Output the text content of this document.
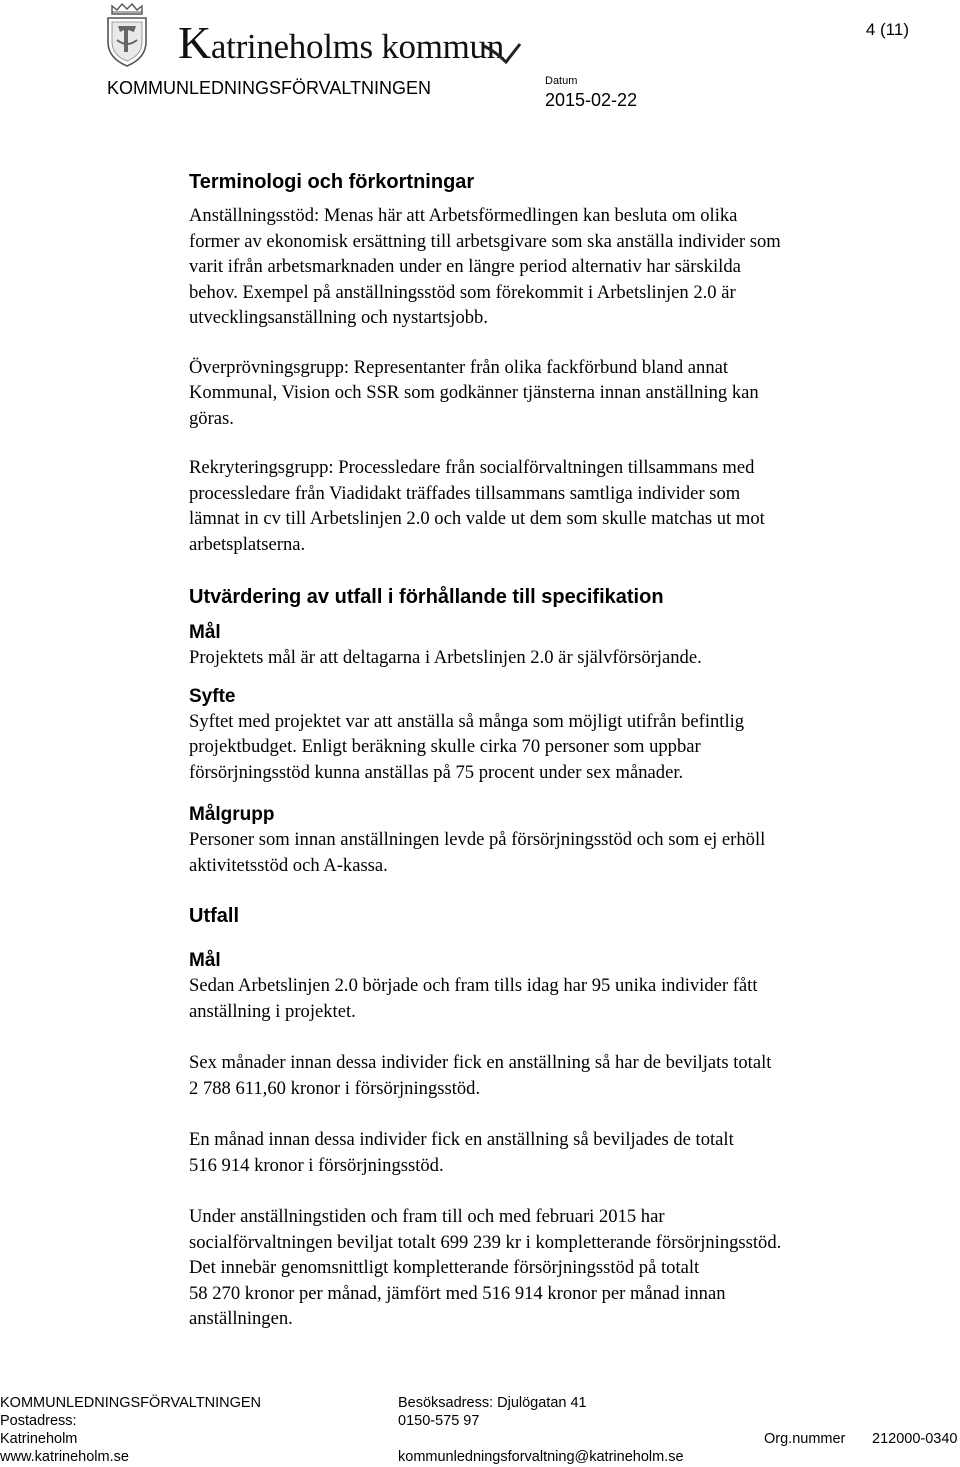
Katrineholms kommun
KOMMUNLEDNINGSFÖRVALTNINGEN	Datum
2015-02-22
4 (11)
Terminologi och förkortningar

Anställningsstöd: Menas här att Arbetsförmedlingen kan besluta om olika
former av ekonomisk ersättning till arbetsgivare som ska anställa individer som
varit ifrån arbetsmarknaden under en längre period alternativ har särskilda
behov. Exempel på anställningsstöd som förekommit i Arbetslinjen 2.0 är
utvecklingsanställning och nystartsjobb.

Överprövningsgrupp: Representanter från olika fackförbund bland annat
Kommunal, Vision och SSR som godkänner tjänsterna innan anställning kan
göras.

Rekryteringsgrupp: Processledare från socialförvaltningen tillsammans med
processledare från Viadidakt träffades tillsammans samtliga individer som
lämnat in cv till Arbetslinjen 2.0 och valde ut dem som skulle matchas ut mot
arbetsplatserna.

Utvärdering av utfall i förhållande till specifikation
Mål

Projektets mål är att deltagarna i Arbetslinjen 2.0 är självförsörjande.

Syfte

Syftet med projektet var att anställa så många som möjligt utifrån befintlig
projektbudget. Enligt beräkning skulle cirka 70 personer som uppbar
försörjningsstöd kunna anställas på 75 procent under sex månader.

Målgrupp

Personer som innan anställningen levde på försörjningsstöd och som ej erhöll
aktivitetsstöd och A-kassa.

Utfall
Mål

Sedan Arbetslinjen 2.0 började och fram tills idag har 95 unika individer fått
anställning i projektet.

Sex månader innan dessa individer fick en anställning så har de beviljats totalt
2 788 611,60 kronor i försörjningsstöd.

En månad innan dessa individer fick en anställning så beviljades de totalt
516 914 kronor i försörjningsstöd.

Under anställningstiden och fram till och med februari 2015 har
socialförvaltningen beviljat totalt 699 239 kr i kompletterande försörjningsstöd.
Det innebär genomsnittligt kompletterande försörjningsstöd på totalt
58 270 kronor per månad, jämfört med 516 914 kronor per månad innan
anställningen.

KOMMUNLEDNINGSFÖRVALTNINGEN
Postadress:
Katrineholm
www.katrineholm.se
Besöksadress: Djulögatan 41
0150-575 97
kommunledningsforvaltning@katrineholm.se
Org.nummer 212000-0340
